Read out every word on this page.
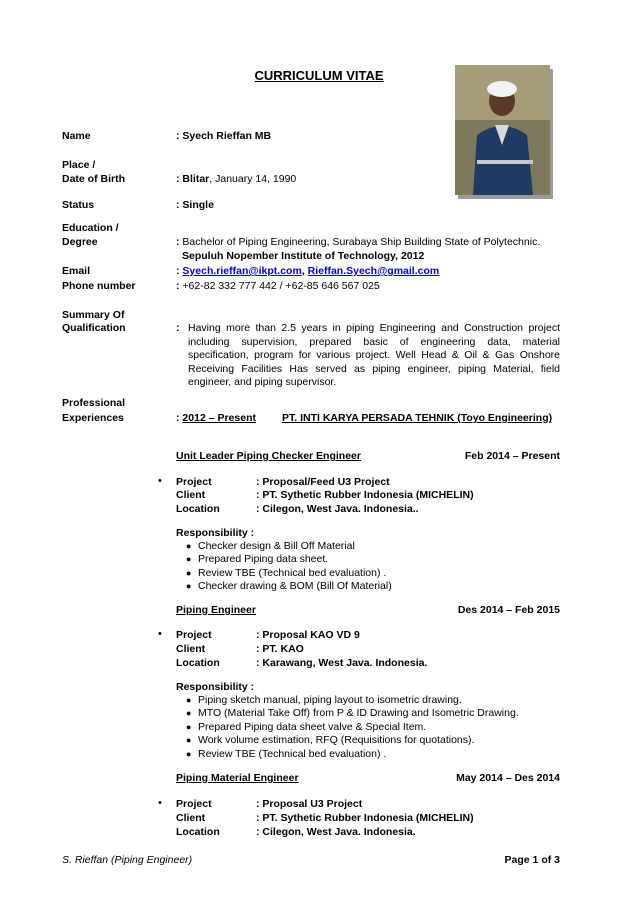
CURRICULUM VITAE
Name	: Syech Rieffan MB
Place /
Date of Birth	: Blitar, January 14, 1990
Status	: Single
Education /
Degree	: Bachelor of Piping Engineering, Surabaya Ship Building State of Polytechnic.
Sepuluh Nopember Institute of Technology, 2012
Email	: Syech.rieffan@ikpt.com, Rieffan.Syech@gmail.com
Phone number	: +62-82 332 777 442 / +62-85 646 567 025
Summary Of
Qualification	: Having more than 2.5 years in piping Engineering and Construction project
including supervision, prepared basic of engineering data, material
specification, program for various project. Well Head & Oil & Gas Onshore
Receiving Facilities Has served as piping engineer, piping Material, field
engineer, and piping supervisor.
Professional
Experiences	: 2012 – Present PT. INTI KARYA PERSADA TEHNIK (Toyo Engineering)
Unit Leader Piping Checker Engineer	Feb 2014 – Present
• Project	: Proposal/Feed U3 Project
Client	: PT. Sythetic Rubber Indonesia (MICHELIN)
Location	: Cilegon, West Java. Indonesia..
Responsibility :
● Checker design & Bill Off Material
● Prepared Piping data sheet.
● Review TBE (Technical bed evaluation) .
● Checker drawing & BOM (Bill Of Material)
Piping Engineer	Des 2014 – Feb 2015
• Project	: Proposal KAO VD 9
Client	: PT. KAO
Location	: Karawang, West Java. Indonesia.
Responsibility :
● Piping sketch manual, piping layout to isometric drawing.
● MTO (Material Take Off) from P & ID Drawing and Isometric Drawing.
● Prepared Piping data sheet valve & Special Item.
● Work volume estimation, RFQ (Requisitions for quotations).
● Review TBE (Technical bed evaluation) .
Piping Material Engineer	May 2014 – Des 2014
• Project	: Proposal U3 Project
Client	: PT. Sythetic Rubber Indonesia (MICHELIN)
Location	: Cilegon, West Java. Indonesia.
S. Rieffan (Piping Engineer)	Page 1 of 3
